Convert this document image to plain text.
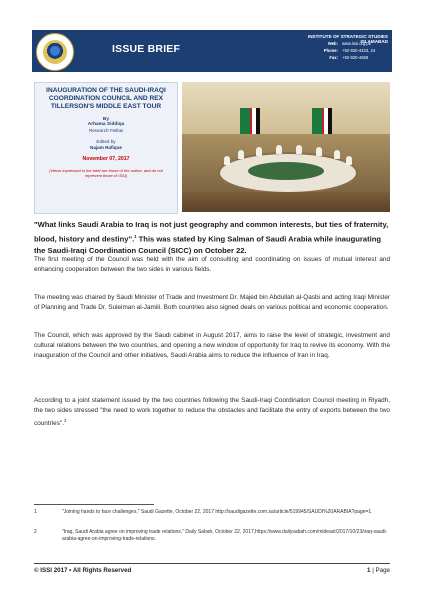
ISSUE BRIEF
INSTITUTE OF STRATEGIC STUDIES ISLAMABAD
Web: www.issi.org.pk
Phone: +92-920-4423, 24
Fax: +92-920-4658
INAUGURATION OF THE SAUDI-IRAQI COORDINATION COUNCIL AND REX TILLERSON'S MIDDLE EAST TOUR
By
Arhama Siddiqa
Research Fellow
Edited by
Najam Rafique
November 07, 2017
(Views expressed in the brief are those of the author, and do not represent those of ISSI)
"What links Saudi Arabia to Iraq is not just geography and common interests, but ties of fraternity, blood, history and destiny".$^1$ This was stated by King Salman of Saudi Arabia while inaugurating the Saudi-Iraqi Coordination Council (SICC) on October 22.
The first meeting of the Council was held with the aim of consulting and coordinating on issues of mutual interest and enhancing cooperation between the two sides in various fields.
The meeting was chaired by Saudi Minister of Trade and Investment Dr. Majed bin Abdullah al-Qasbi and acting Iraqi Minister of Planning and Trade Dr. Suleiman al-Jamili. Both countries also signed deals on various political and economic cooperation.
The Council, which was approved by the Saudi cabinet in August 2017, aims to raise the level of strategic, investment and cultural relations between the two countries, and opening a new window of opportunity for Iraq to revive its economy. With the inauguration of the Council and other initiatives, Saudi Arabia aims to reduce the influence of Iran in Iraq.
According to a joint statement issued by the two countries following the Saudi-Iraqi Coordination Council meeting in Riyadh, the two sides stressed "the need to work together to reduce the obstacles and facilitate the entry of exports between the two countries".$^2$
1	"Joining hands to face challenges," Saudi Gazette, October 22, 2017 http://saudigazette.com.sa/article/519945/SAUDI%20ARABIA?page=1.
2	"Iraq, Saudi Arabia agree on improving trade relations," Daily Sabah, October 22, 2017,https://www.dailysabah.com/mideast/2017/10/23/iraq-saudi-arabia-agree-on-improving-trade-relations.
© ISSI 2017 • All Rights Reserved	1 | Page
